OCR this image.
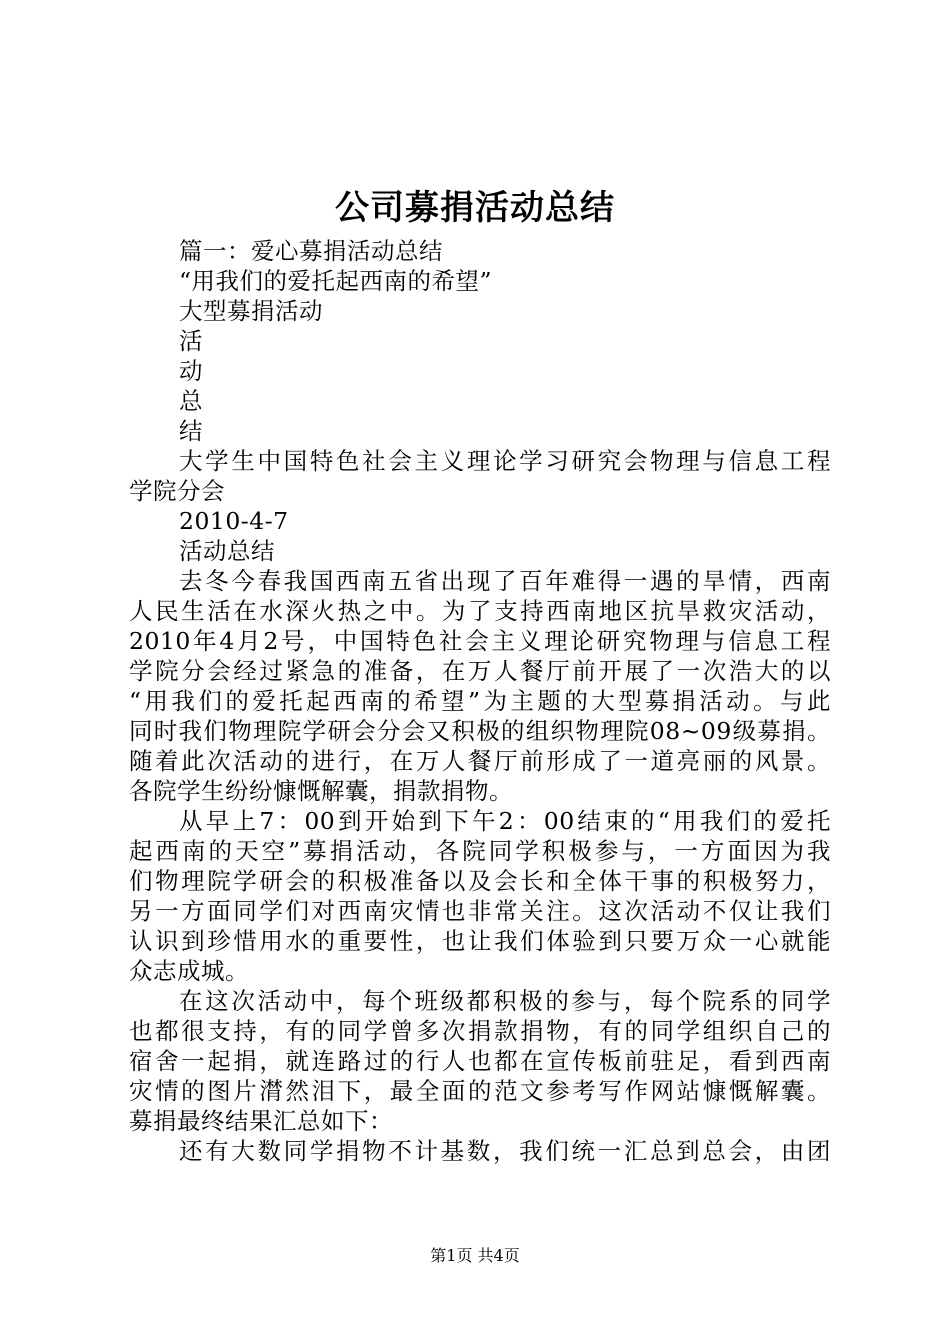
公司募捐活动总结
篇一：爱心募捐活动总结
“用我们的爱托起西南的希望”
大型募捐活动
活
动
总
结
大学生中国特色社会主义理论学习研究会物理与信息工程
学院分会
2010-4-7
活动总结
去冬今春我国西南五省出现了百年难得一遇的旱情，西南
人民生活在水深火热之中。为了支持西南地区抗旱救灾活动，
2010年4月2号，中国特色社会主义理论研究物理与信息工程
学院分会经过紧急的准备，在万人餐厅前开展了一次浩大的以
“用我们的爱托起西南的希望”为主题的大型募捐活动。与此
同时我们物理院学研会分会又积极的组织物理院08~09级募捐。
随着此次活动的进行，在万人餐厅前形成了一道亮丽的风景。
各院学生纷纷慷慨解囊，捐款捐物。
从早上7：00到开始到下午2：00结束的“用我们的爱托
起西南的天空”募捐活动，各院同学积极参与，一方面因为我
们物理院学研会的积极准备以及会长和全体干事的积极努力，
另一方面同学们对西南灾情也非常关注。这次活动不仅让我们
认识到珍惜用水的重要性，也让我们体验到只要万众一心就能
众志成城。
在这次活动中，每个班级都积极的参与，每个院系的同学
也都很支持，有的同学曾多次捐款捐物，有的同学组织自己的
宿舍一起捐，就连路过的行人也都在宣传板前驻足，看到西南
灾情的图片潸然泪下，最全面的范文参考写作网站慷慨解囊。
募捐最终结果汇总如下：
还有大数同学捐物不计基数，我们统一汇总到总会，由团
第1页 共4页
